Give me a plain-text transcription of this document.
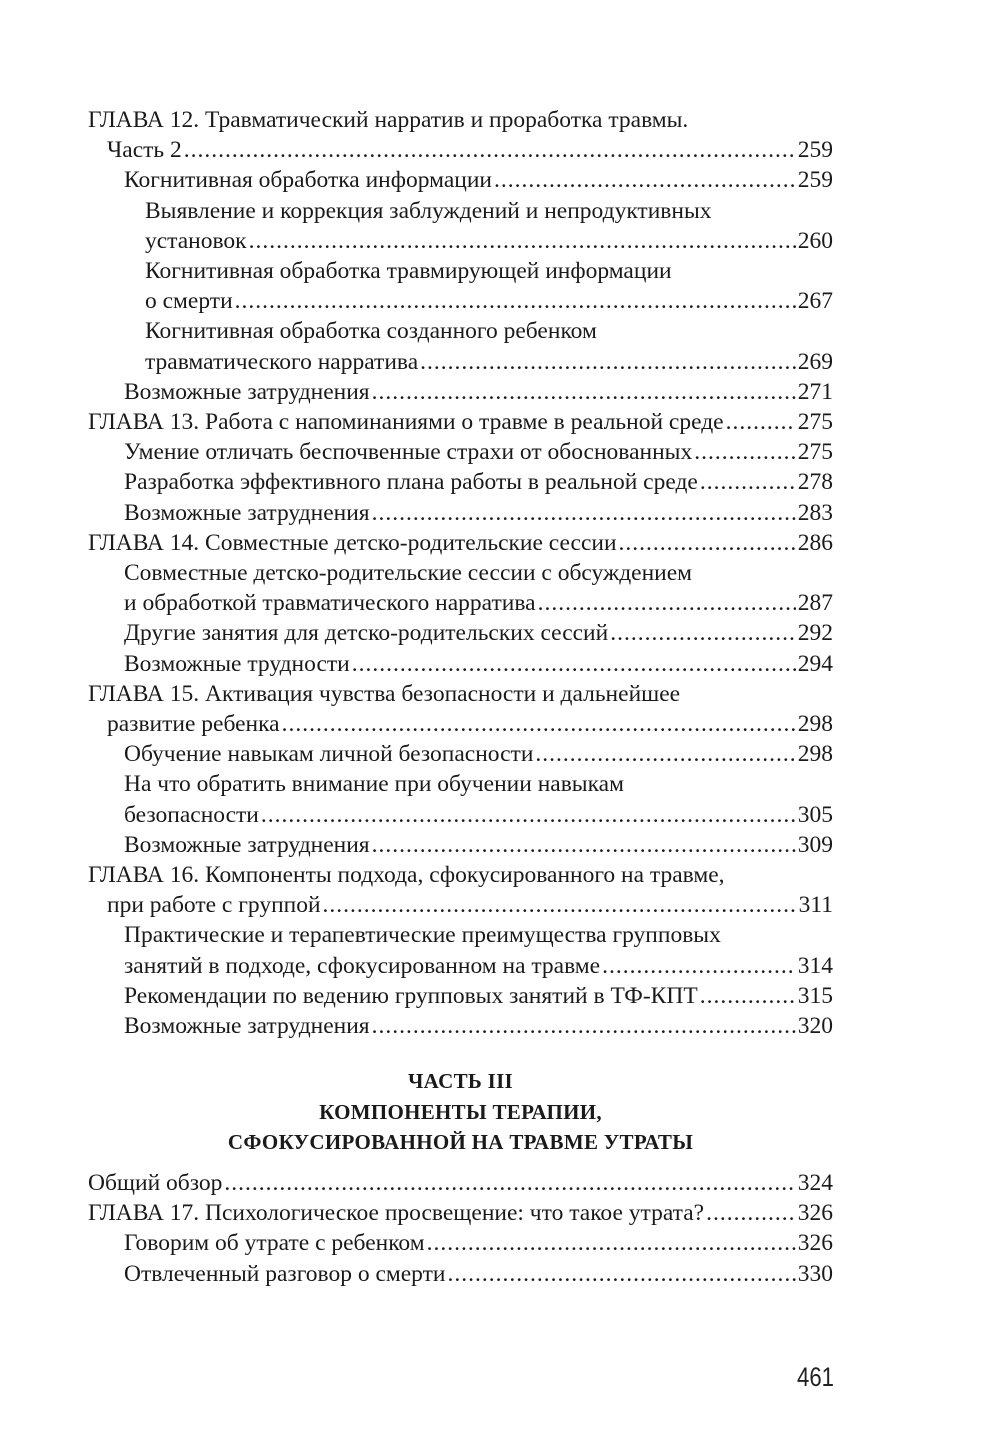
ГЛАВА 12. Травматический нарратив и проработка травмы.
Часть 2 .....	259
Когнитивная обработка информации .....	259
Выявление и коррекция заблуждений и непродуктивных
установок .....	260
Когнитивная обработка травмирующей информации
о смерти .....	267
Когнитивная обработка созданного ребенком
травматического нарратива .....	269
Возможные затруднения .....	271
ГЛАВА 13. Работа с напоминаниями о травме в реальной среде .....	275
Умение отличать беспочвенные страхи от обоснованных .....	275
Разработка эффективного плана работы в реальной среде .....	278
Возможные затруднения .....	283
ГЛАВА 14. Совместные детско-родительские сессии .....	286
Совместные детско-родительские сессии с обсуждением
и обработкой травматического нарратива .....	287
Другие занятия для детско-родительских сессий .....	292
Возможные трудности .....	294
ГЛАВА 15. Активация чувства безопасности и дальнейшее
развитие ребенка .....	298
Обучение навыкам личной безопасности .....	298
На что обратить внимание при обучении навыкам
безопасности .....	305
Возможные затруднения .....	309
ГЛАВА 16. Компоненты подхода, сфокусированного на травме,
при работе с группой .....	311
Практические и терапевтические преимущества групповых
занятий в подходе, сфокусированном на травме .....	314
Рекомендации по ведению групповых занятий в ТФ-КПТ .....	315
Возможные затруднения .....	320
ЧАСТЬ III
КОМПОНЕНТЫ ТЕРАПИИ,
СФОКУСИРОВАННОЙ НА ТРАВМЕ УТРАТЫ
Общий обзор .....	324
ГЛАВА 17. Психологическое просвещение: что такое утрата? .....	326
Говорим об утрате с ребенком .....	326
Отвлеченный разговор о смерти .....	330
461
